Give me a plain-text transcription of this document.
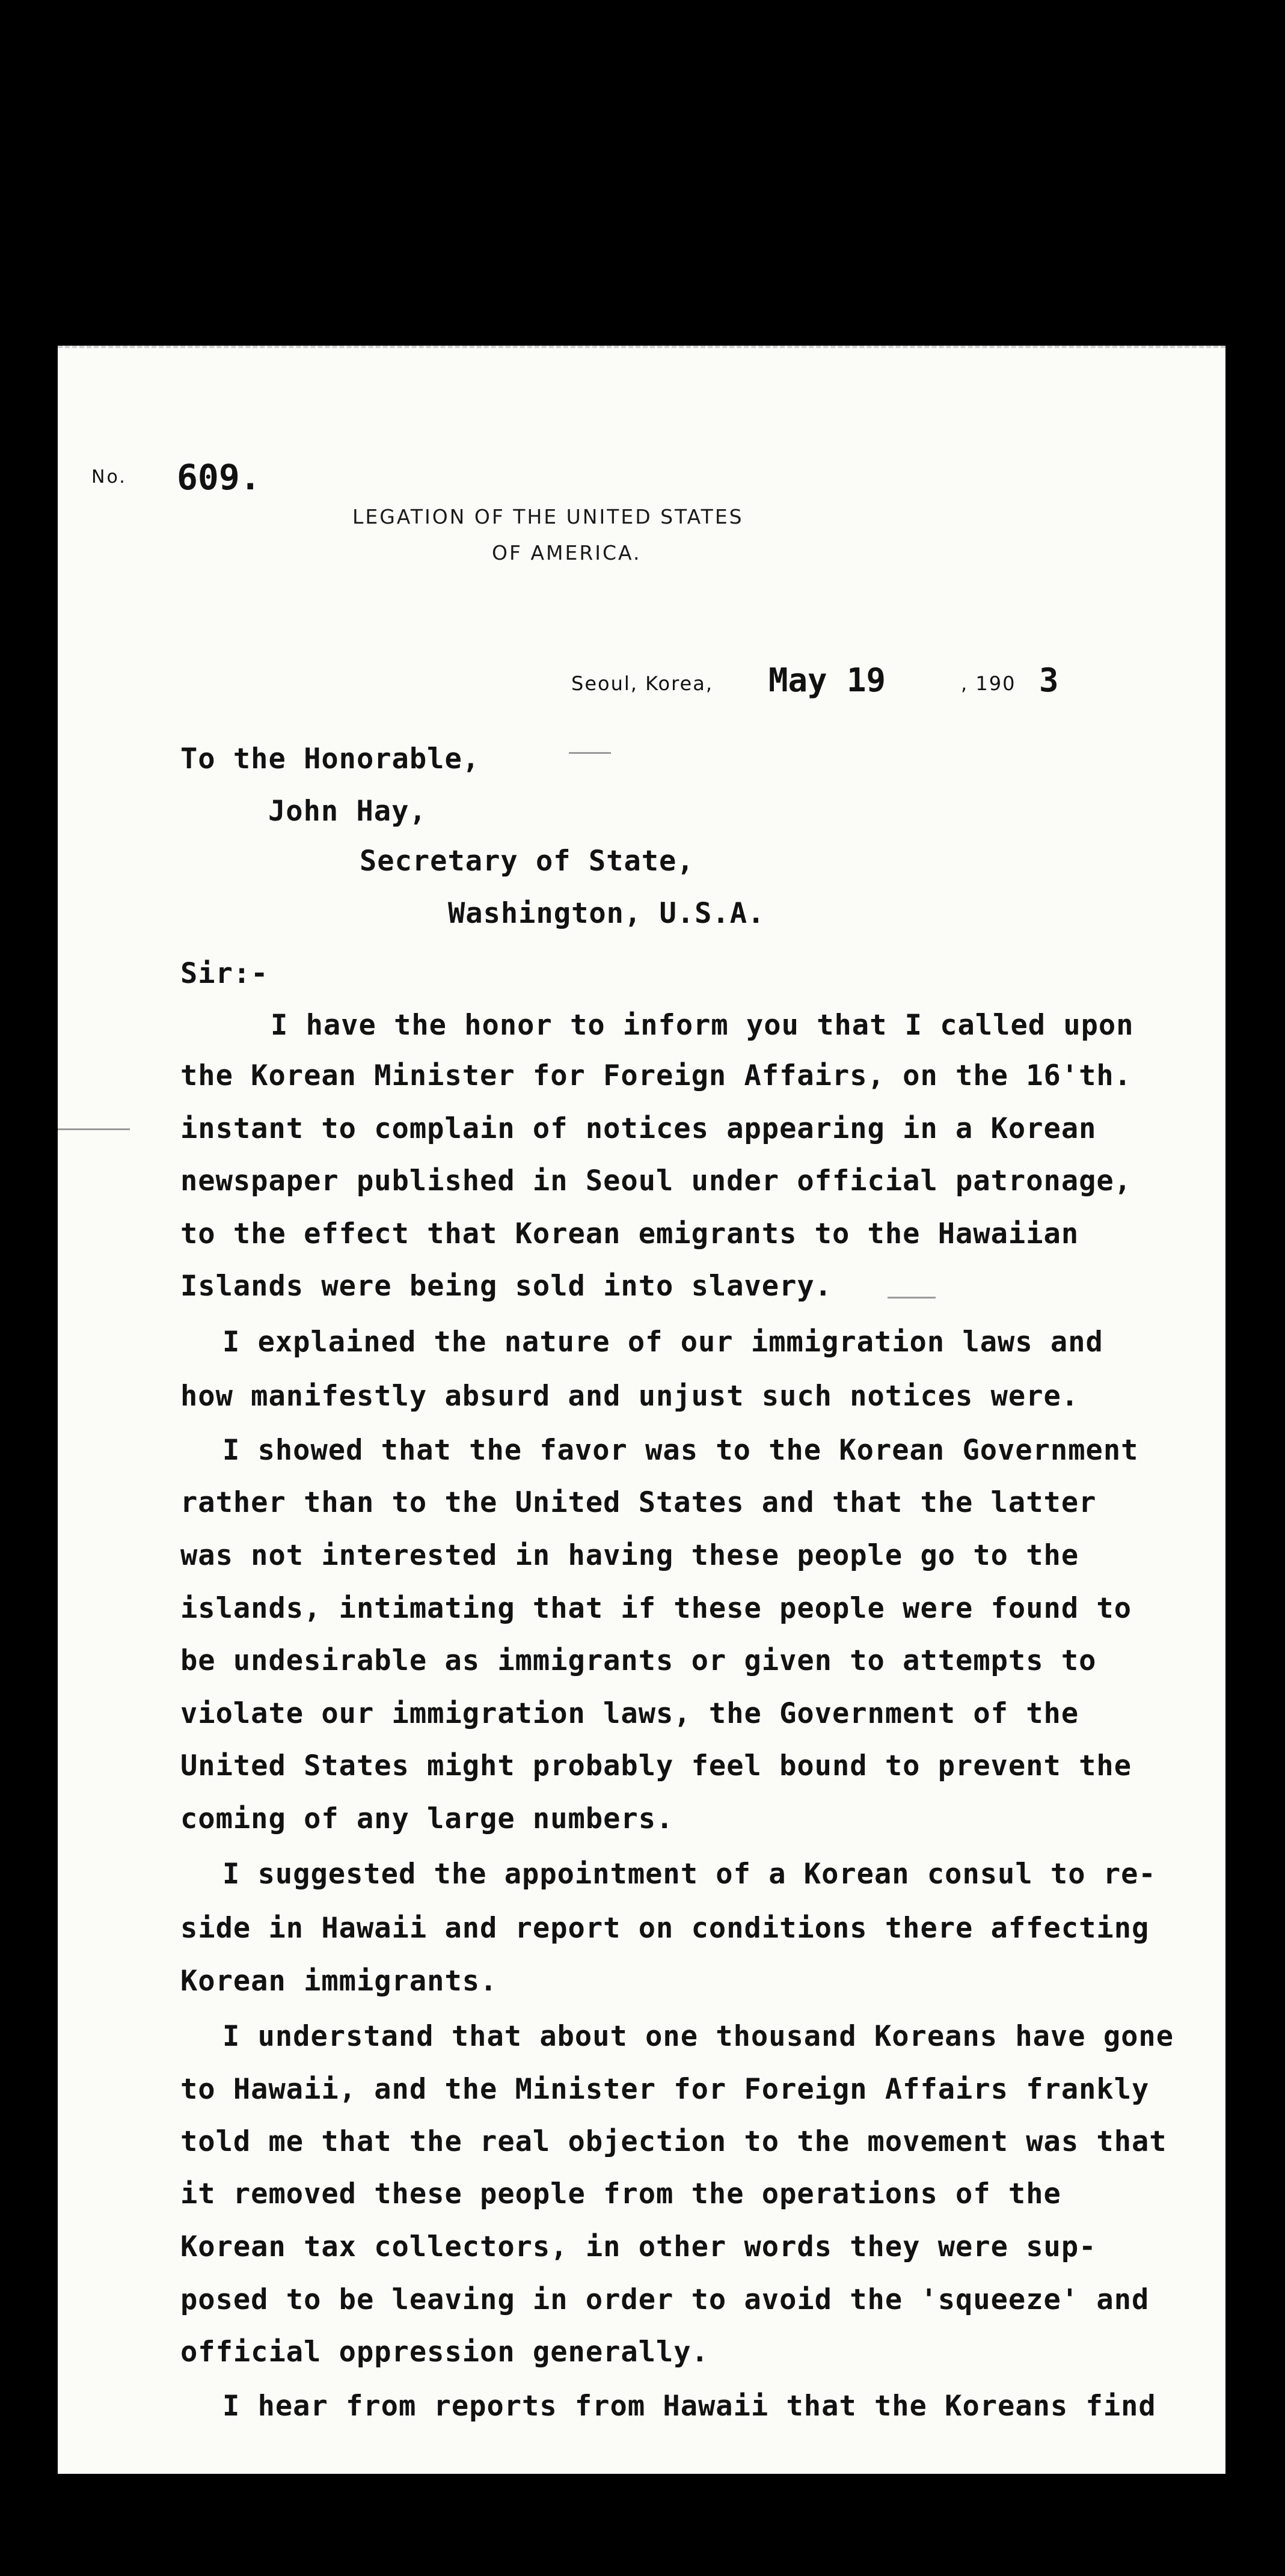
No. 609.
LEGATION OF THE UNITED STATES
OF AMERICA.
Seoul, Korea, May 19	, 190 3
To the Honorable,
John Hay,
Secretary of State,
Washington, U.S.A.
Sir:-
I have the honor to inform you that I called upon
the Korean Minister for Foreign Affairs, on the 16'th.
instant to complain of notices appearing in a Korean
newspaper published in Seoul under official patronage,
to the effect that Korean emigrants to the Hawaiian
Islands were being sold into slavery.
I explained the nature of our immigration laws and
how manifestly absurd and unjust such notices were.
I showed that the favor was to the Korean Government
rather than to the United States and that the latter
was not interested in having these people go to the
islands, intimating that if these people were found to
be undesirable as immigrants or given to attempts to
violate our immigration laws, the Government of the
United States might probably feel bound to prevent the
coming of any large numbers.
I suggested the appointment of a Korean consul to re-
side in Hawaii and report on conditions there affecting
Korean immigrants.
I understand that about one thousand Koreans have gone
to Hawaii, and the Minister for Foreign Affairs frankly
told me that the real objection to the movement was that
it removed these people from the operations of the
Korean tax collectors, in other words they were sup-
posed to be leaving in order to avoid the 'squeeze' and
official oppression generally.
I hear from reports from Hawaii that the Koreans find
